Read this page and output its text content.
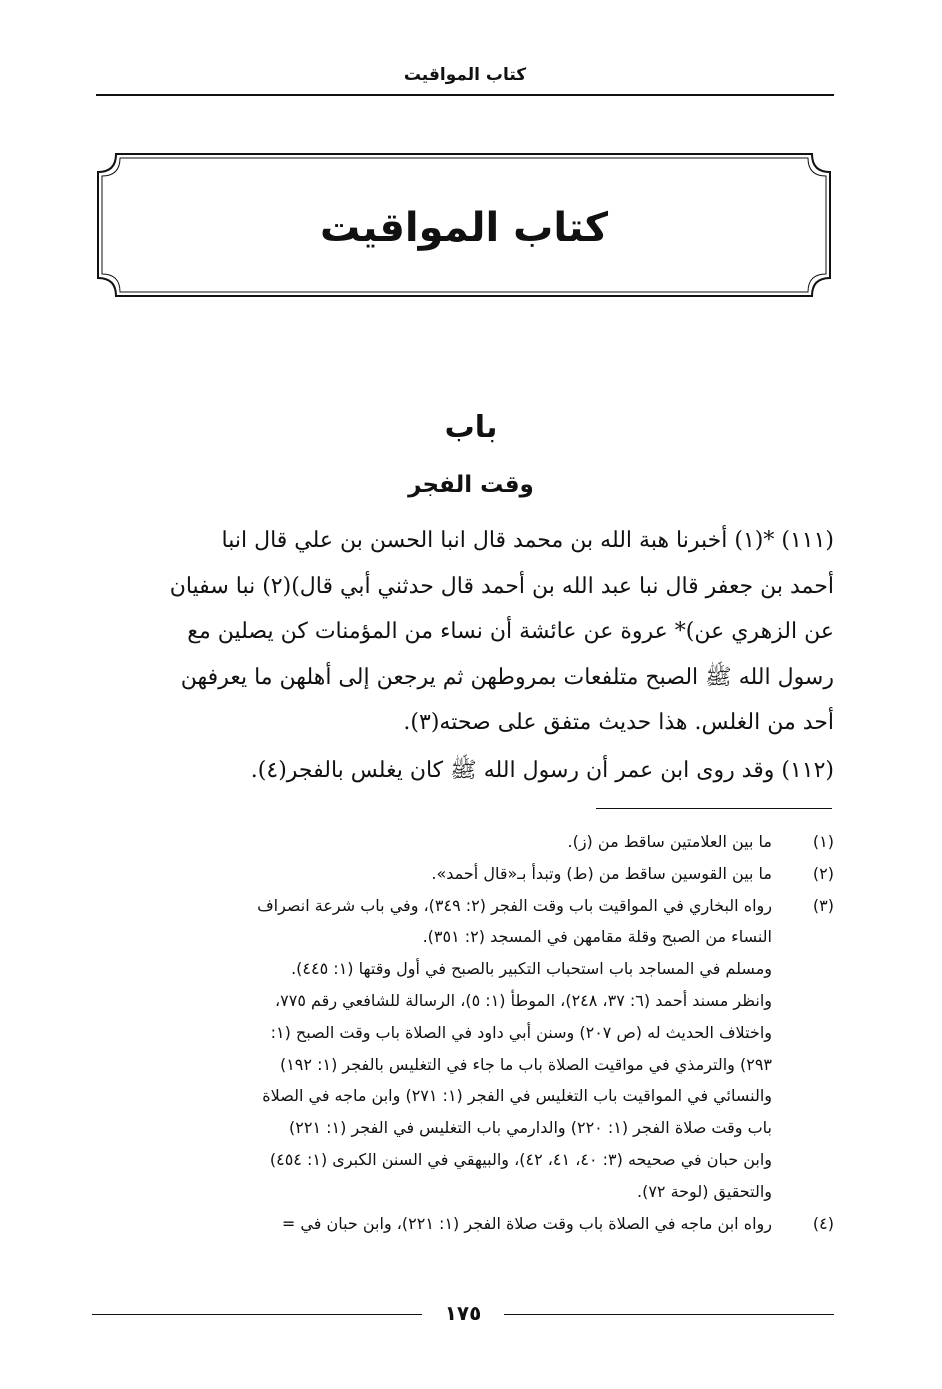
كتاب المواقيت
كتاب المواقيت
باب
وقت الفجر
(١١١) *(١) أخبرنا هبة الله بن محمد قال انبا الحسن بن علي قال انبا
أحمد بن جعفر قال نبا عبد الله بن أحمد قال حدثني أبي قال)(٢) نبا سفيان
عن الزهري عن)* عروة عن عائشة أن نساء من المؤمنات كن يصلين مع
رسول الله ﷺ الصبح متلفعات بمروطهن ثم يرجعن إلى أهلهن ما يعرفهن
أحد من الغلس. هذا حديث متفق على صحته(٣).
(١١٢) وقد روى ابن عمر أن رسول الله ﷺ كان يغلس بالفجر(٤).
(١)
ما بين العلامتين ساقط من (ز).
(٢)
ما بين القوسين ساقط من (ط) وتبدأ بـ«قال أحمد».
(٣)
رواه البخاري في المواقيت باب وقت الفجر (٢: ٣٤٩)، وفي باب شرعة انصراف
النساء من الصبح وقلة مقامهن في المسجد (٢: ٣٥١).
ومسلم في المساجد باب استحباب التكبير بالصبح في أول وقتها (١: ٤٤٥).
وانظر مسند أحمد (٦: ٣٧، ٢٤٨)، الموطأ (١: ٥)، الرسالة للشافعي رقم ٧٧٥،
واختلاف الحديث له (ص ٢٠٧) وسنن أبي داود في الصلاة باب وقت الصبح (١:
٢٩٣) والترمذي في مواقيت الصلاة باب ما جاء في التغليس بالفجر (١: ١٩٢)
والنسائي في المواقيت باب التغليس في الفجر (١: ٢٧١) وابن ماجه في الصلاة
باب وقت صلاة الفجر (١: ٢٢٠) والدارمي باب التغليس في الفجر (١: ٢٢١)
وابن حبان في صحيحه (٣: ٤٠، ٤١، ٤٢)، والبيهقي في السنن الكبرى (١: ٤٥٤)
والتحقيق (لوحة ٧٢).
(٤)
رواه ابن ماجه في الصلاة باب وقت صلاة الفجر (١: ٢٢١)، وابن حبان في =
١٧٥
